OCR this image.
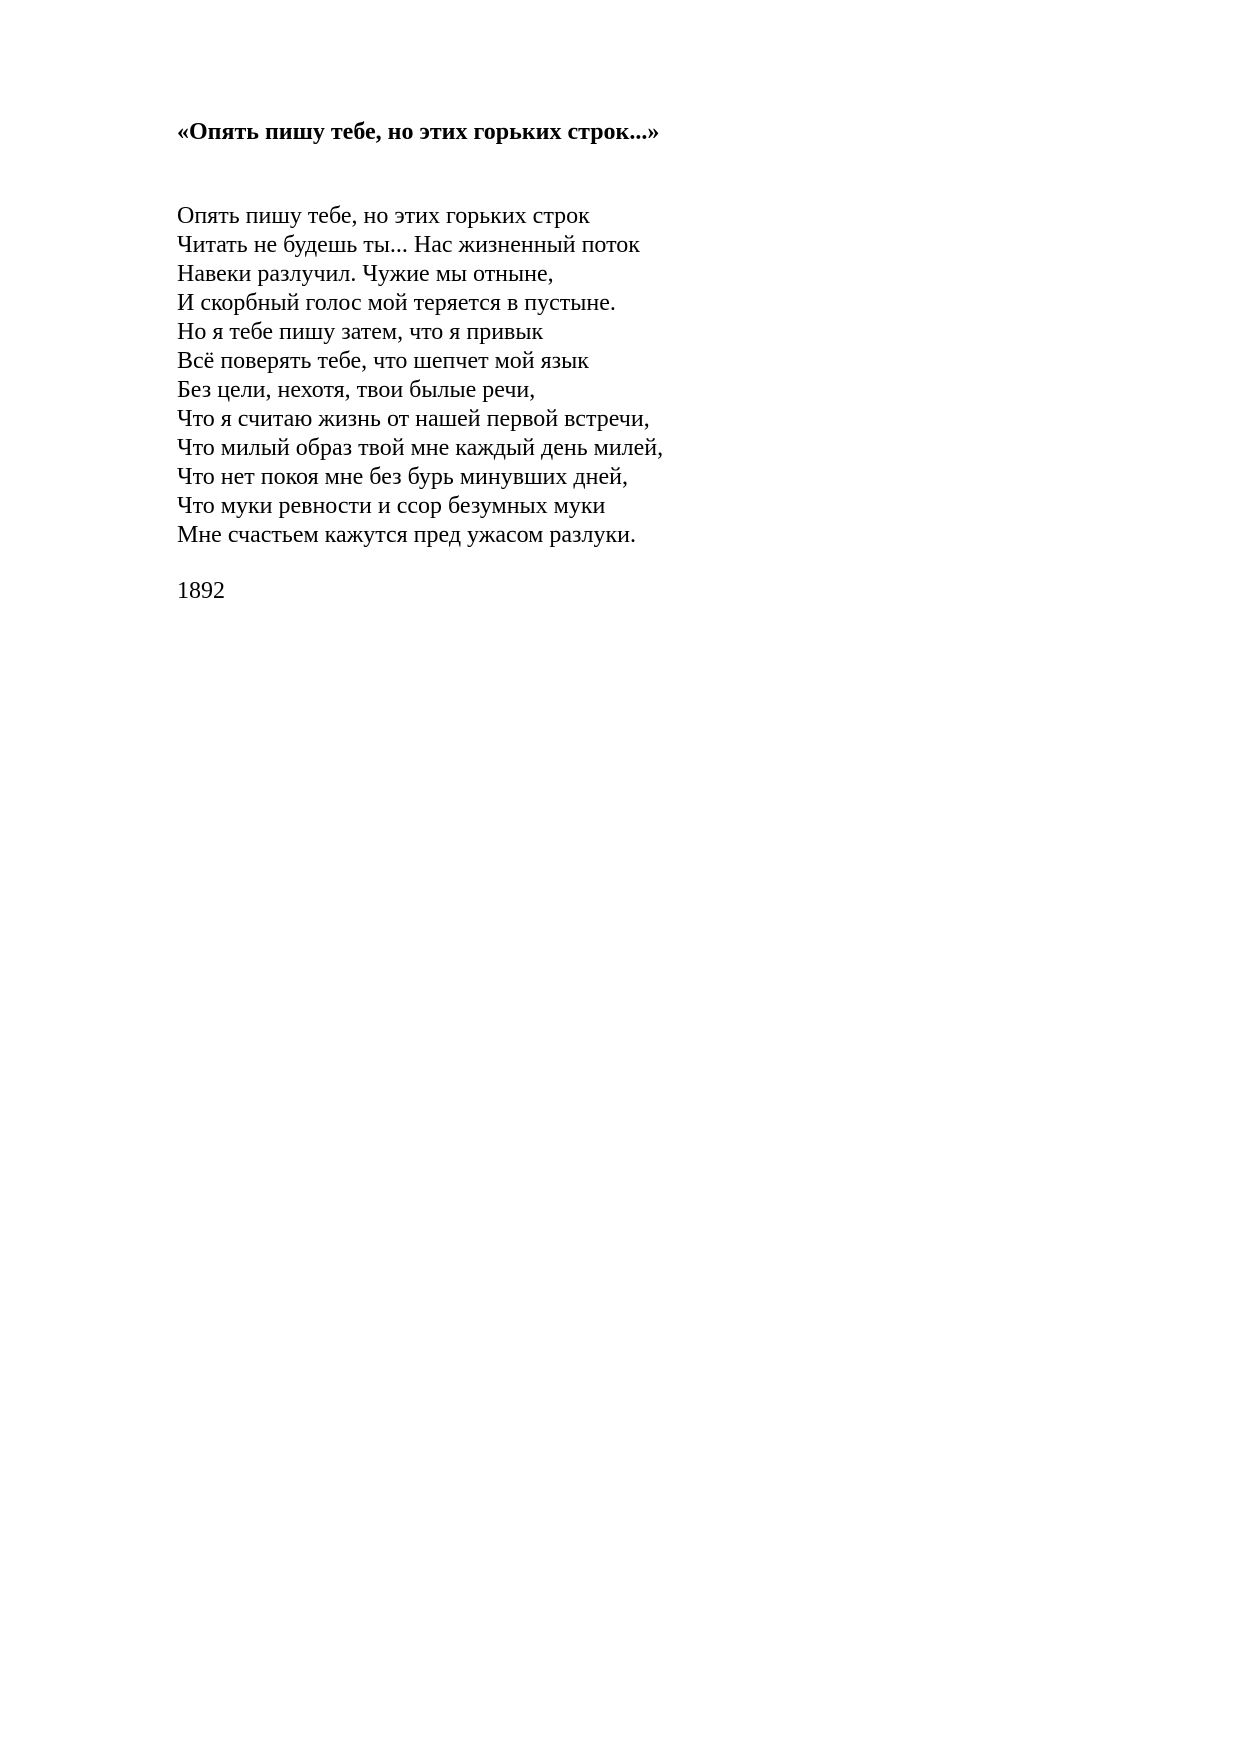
«Опять пишу тебе, но этих горьких строк...»
Опять пишу тебе, но этих горьких строк
Читать не будешь ты... Нас жизненный поток
Навеки разлучил. Чужие мы отныне,
И скорбный голос мой теряется в пустыне.
Но я тебе пишу затем, что я привык
Всё поверять тебе, что шепчет мой язык
Без цели, нехотя, твои былые речи,
Что я считаю жизнь от нашей первой встречи,
Что милый образ твой мне каждый день милей,
Что нет покоя мне без бурь минувших дней,
Что муки ревности и ссор безумных муки
Мне счастьем кажутся пред ужасом разлуки.

1892
